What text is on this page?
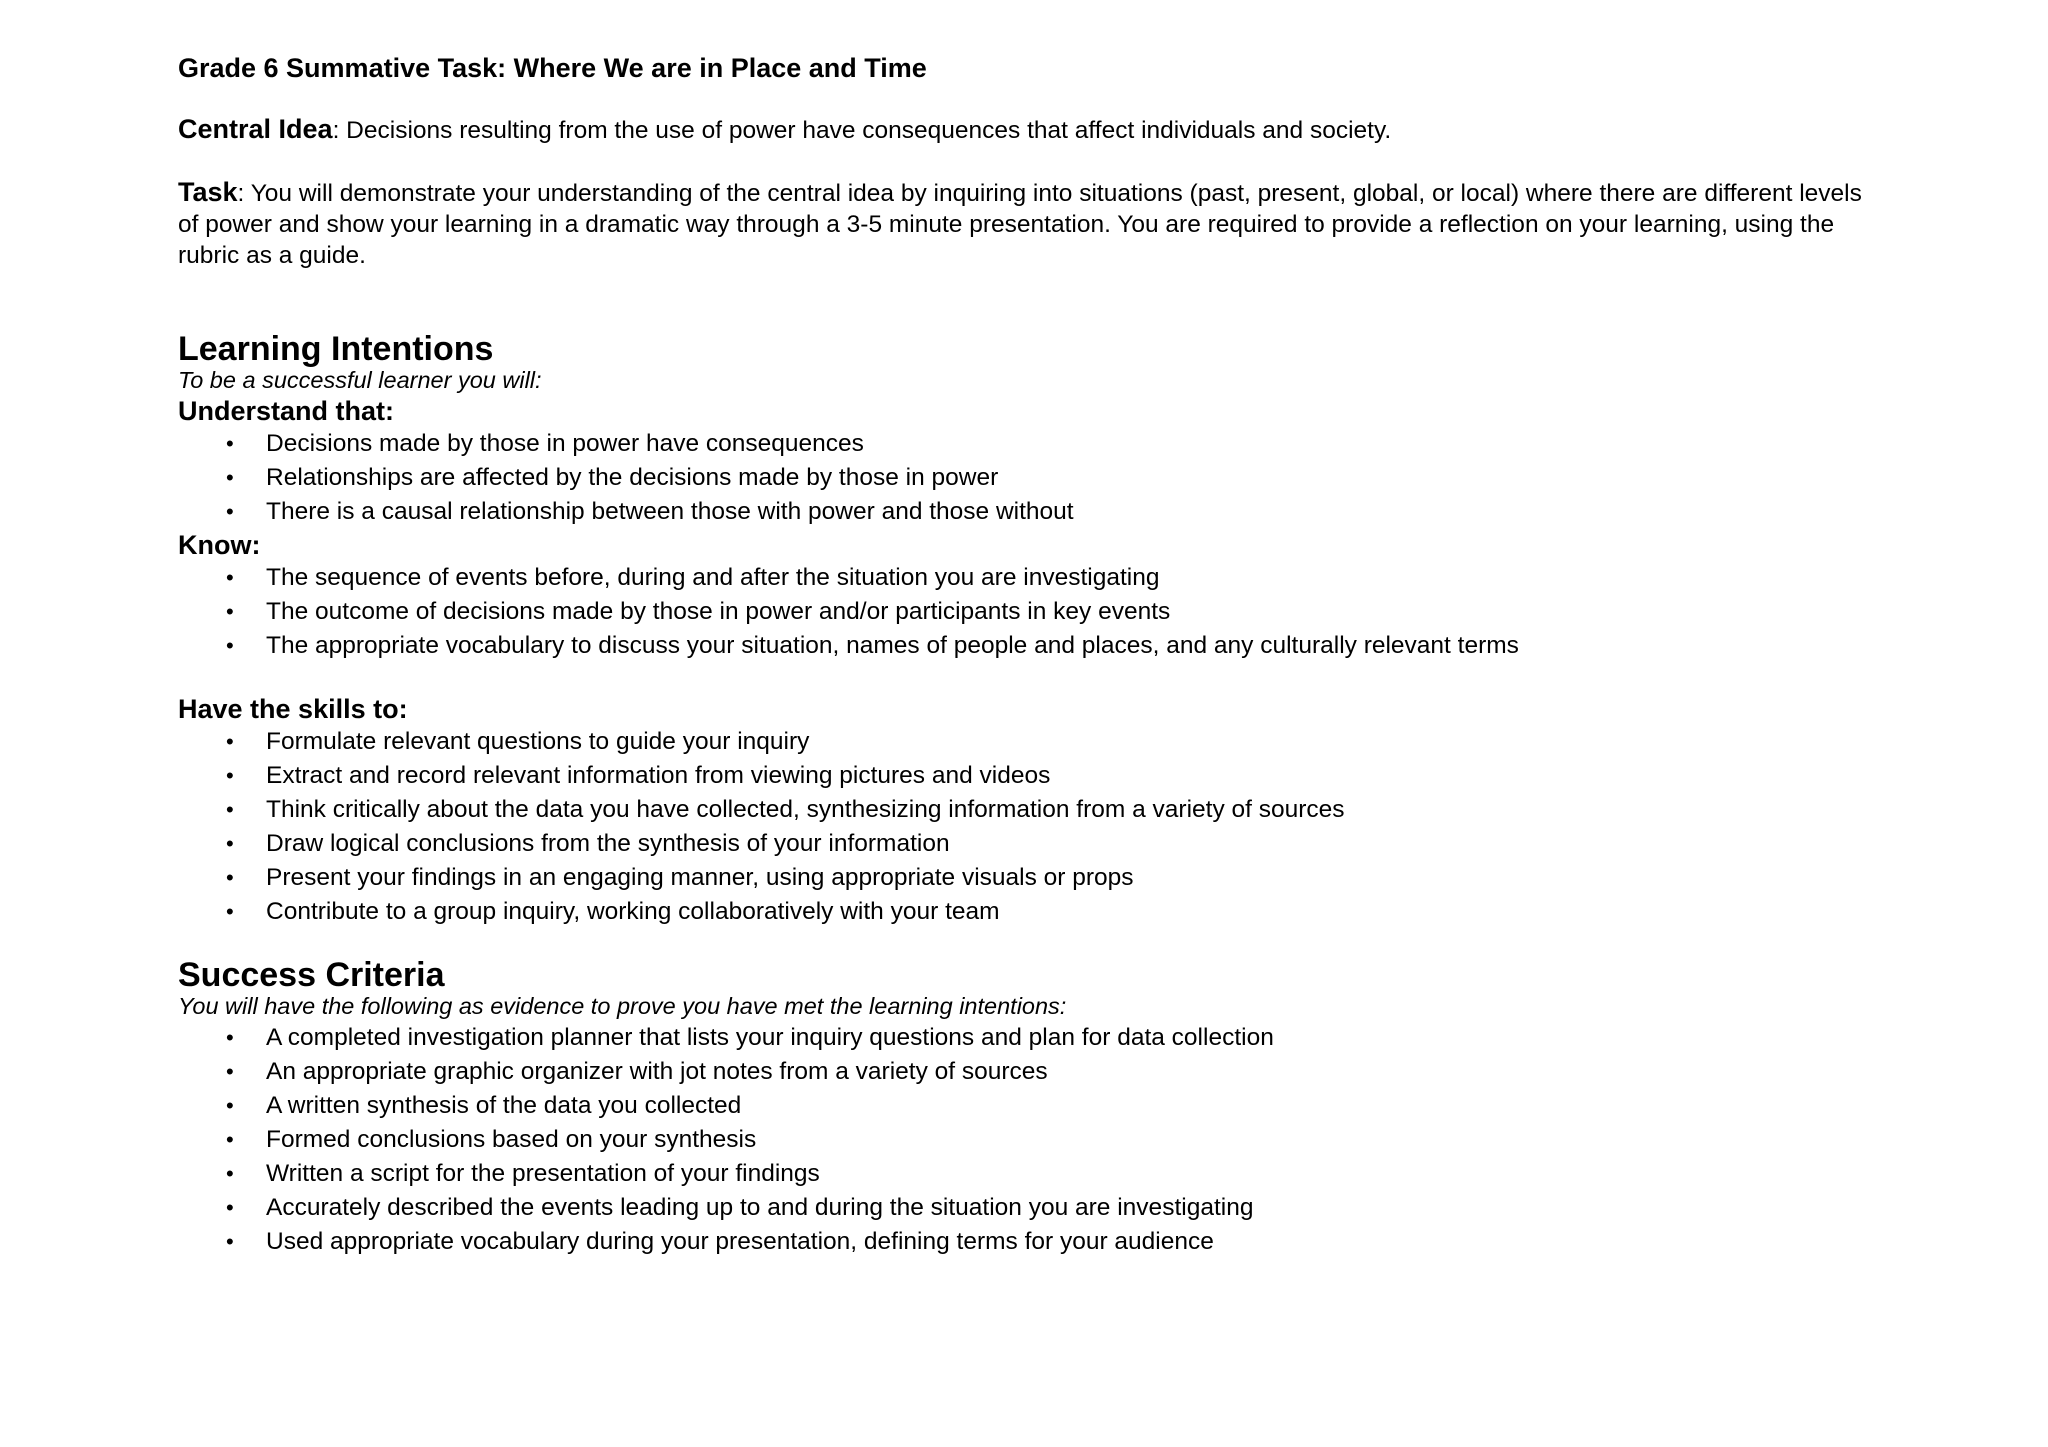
Grade 6 Summative Task: Where We are in Place and Time

Central Idea: Decisions resulting from the use of power have consequences that affect individuals and society.

Task: You will demonstrate your understanding of the central idea by inquiring into situations (past, present, global, or local) where there are different levels of power and show your learning in a dramatic way through a 3-5 minute presentation. You are required to provide a reflection on your learning, using the rubric as a guide.

Learning Intentions

To be a successful learner you will:

Understand that:

• Decisions made by those in power have consequences
• Relationships are affected by the decisions made by those in power
• There is a causal relationship between those with power and those without

Know:

• The sequence of events before, during and after the situation you are investigating
• The outcome of decisions made by those in power and/or participants in key events
• The appropriate vocabulary to discuss your situation, names of people and places, and any culturally relevant terms

Have the skills to:

• Formulate relevant questions to guide your inquiry
• Extract and record relevant information from viewing pictures and videos
• Think critically about the data you have collected, synthesizing information from a variety of sources
• Draw logical conclusions from the synthesis of your information
• Present your findings in an engaging manner, using appropriate visuals or props
• Contribute to a group inquiry, working collaboratively with your team
Success Criteria

You will have the following as evidence to prove you have met the learning intentions:

• A completed investigation planner that lists your inquiry questions and plan for data collection
• An appropriate graphic organizer with jot notes from a variety of sources
• A written synthesis of the data you collected
• Formed conclusions based on your synthesis
• Written a script for the presentation of your findings
• Accurately described the events leading up to and during the situation you are investigating
• Used appropriate vocabulary during your presentation, defining terms for your audience
